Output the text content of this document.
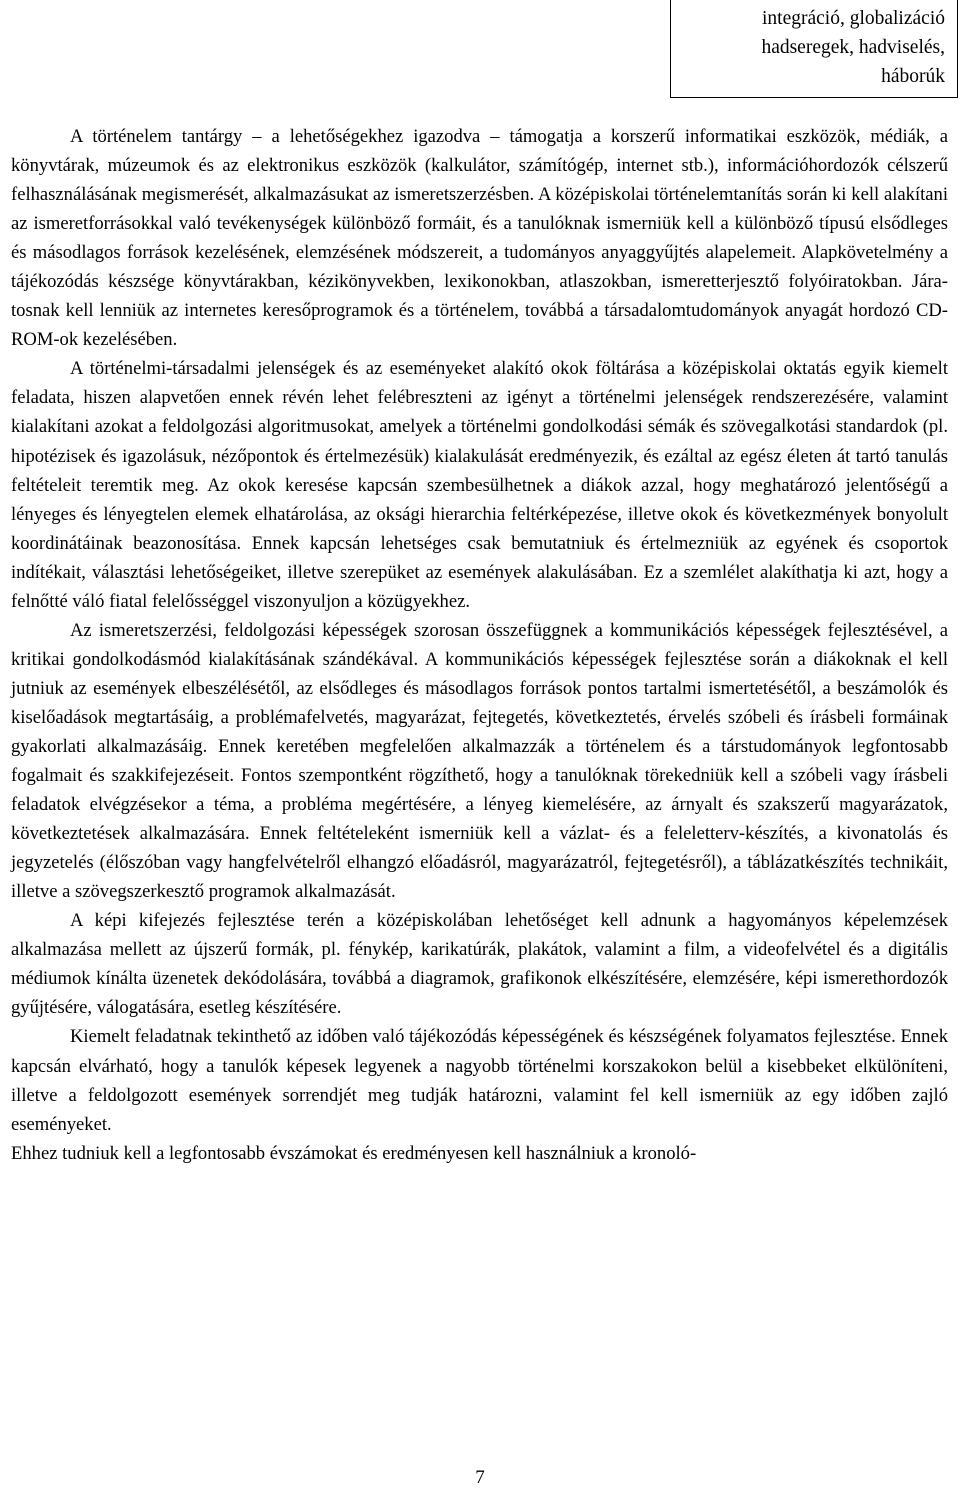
integráció, globalizáció
hadseregek, hadviselés,
háborúk

A történelem tantárgy – a lehetőségekhez igazodva – támogatja a korszerű informatikai eszközök, médiák, a könyvtárak, múzeumok és az elektronikus eszközök (kalkulátor, számítógép, internet stb.), információhordozók célszerű felhasználásának megismerését, alkalmazásukat az ismeretszerzésben. A középiskolai történelemtanítás során ki kell alakítani az ismeretforrásokkal való tevékenységek különböző formáit, és a tanulóknak ismerniük kell a különböző típusú elsődleges és másodlagos források kezelésének, elemzésének módszereit, a tudományos anyaggyűjtés alapelemeit. Alapkövetelmény a tájékozódás készsége könyvtárakban, kézikönyvekben, lexikonokban, atlaszokban, ismeretterjesztő folyóiratokban. Járatosnak kell lenniük az internetes keresőprogramok és a történelem, továbbá a társadalomtudományok anyagát hordozó CD-ROM-ok kezelésében.

A történelmi-társadalmi jelenségek és az eseményeket alakító okok föltárása a középiskolai oktatás egyik kiemelt feladata, hiszen alapvetően ennek révén lehet felébreszteni az igényt a történelmi jelenségek rendszerezésére, valamint kialakítani azokat a feldolgozási algoritmusokat, amelyek a történelmi gondolkodási sémák és szövegalkotási standardok (pl. hipotézisek és igazolásuk, nézőpontok és értelmezésük) kialakulását eredményezik, és ezáltal az egész életen át tartó tanulás feltételeit teremtik meg. Az okok keresése kapcsán szembesülhetnek a diákok azzal, hogy meghatározó jelentőségű a lényeges és lényegtelen elemek elhatárolása, az oksági hierarchia feltérképezése, illetve okok és következmények bonyolult koordinátáinak beazonosítása. Ennek kapcsán lehetséges csak bemutatniuk és értelmezniük az egyének és csoportok indítékait, választási lehetőségeiket, illetve szerepüket az események alakulásában. Ez a szemlélet alakíthatja ki azt, hogy a felnőtté váló fiatal felelősséggel viszonyuljon a közügyekhez.

Az ismeretszerzési, feldolgozási képességek szorosan összefüggnek a kommunikációs képességek fejlesztésével, a kritikai gondolkodásmód kialakításának szándékával. A kommunikációs képességek fejlesztése során a diákoknak el kell jutniuk az események elbeszélésétől, az elsődleges és másodlagos források pontos tartalmi ismertetésétől, a beszámolók és kiselőadások megtartásáig, a problémafelvetés, magyarázat, fejtegetés, következtetés, érvelés szóbeli és írásbeli formáinak gyakorlati alkalmazásáig. Ennek keretében megfelelően alkalmazzák a történelem és a társtudományok legfontosabb fogalmait és szakkifejezéseit. Fontos szempontként rögzíthető, hogy a tanulóknak törekedniük kell a szóbeli vagy írásbeli feladatok elvégzésekor a téma, a probléma megértésére, a lényeg kiemelésére, az árnyalt és szakszerű magyarázatok, következtetések alkalmazására. Ennek feltételeként ismerniük kell a vázlat- és a feleletterv-készítés, a kivonatolás és jegyzetelés (élőszóban vagy hangfelvételről elhangzó előadásról, magyarázatról, fejtegetésről), a táblázatkészítés technikáit, illetve a szövegszerkesztő programok alkalmazását.

A képi kifejezés fejlesztése terén a középiskolában lehetőséget kell adnunk a hagyományos képelemzések alkalmazása mellett az újszerű formák, pl. fénykép, karikatúrák, plakátok, valamint a film, a videofelvétel és a digitális médiumok kínálta üzenetek dekódolására, továbbá a diagramok, grafikonok elkészítésére, elemzésére, képi ismerethordozók gyűjtésére, válogatására, esetleg készítésére.

Kiemelt feladatnak tekinthető az időben való tájékozódás képességének és készségének folyamatos fejlesztése. Ennek kapcsán elvárható, hogy a tanulók képesek legyenek a nagyobb történelmi korszakokon belül a kisebbeket elkülöníteni, illetve a feldolgozott események sorrendjét meg tudják határozni, valamint fel kell ismerniük az egy időben zajló eseményeket.

Ehhez tudniuk kell a legfontosabb évszámokat és eredményesen kell használniuk a kronoló-

7
